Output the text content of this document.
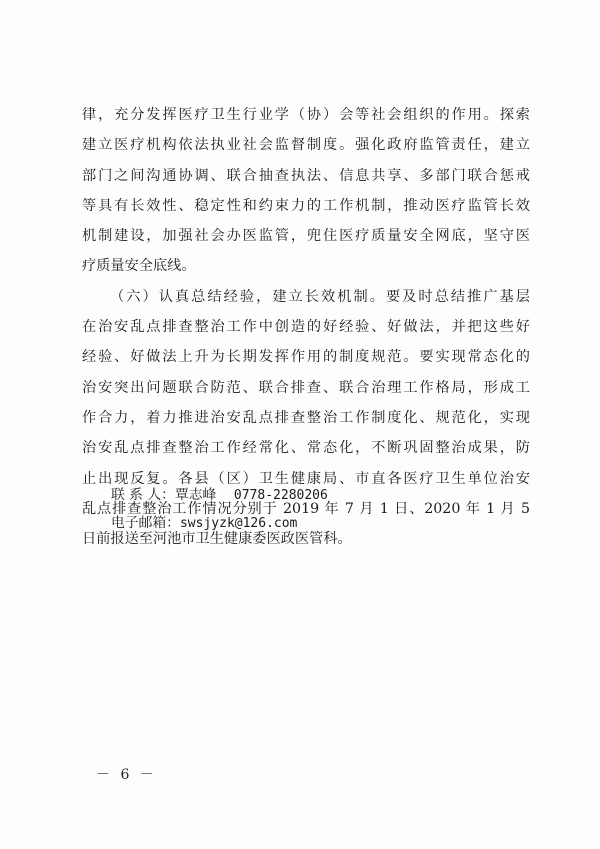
律，充分发挥医疗卫生行业学（协）会等社会组织的作用。探索
建立医疗机构依法执业社会监督制度。强化政府监管责任，建立
部门之间沟通协调、联合抽查执法、信息共享、多部门联合惩戒
等具有长效性、稳定性和约束力的工作机制，推动医疗监管长效
机制建设，加强社会办医监管，兜住医疗质量安全网底，坚守医
疗质量安全底线。
（六）认真总结经验，建立长效机制。要及时总结推广基层
在治安乱点排查整治工作中创造的好经验、好做法，并把这些好
经验、好做法上升为长期发挥作用的制度规范。要实现常态化的
治安突出问题联合防范、联合排查、联合治理工作格局，形成工
作合力，着力推进治安乱点排查整治工作制度化、规范化，实现
治安乱点排查整治工作经常化、常态化，不断巩固整治成果，防
止出现反复。各县（区）卫生健康局、市直各医疗卫生单位治安
乱点排查整治工作情况分别于 2019 年 7 月 1 日、2020 年 1 月 5
日前报送至河池市卫生健康委医政医管科。
联 系 人：覃志峰 0778-2280206
电子邮箱：swsjyzk@126.com
－ 6 －
